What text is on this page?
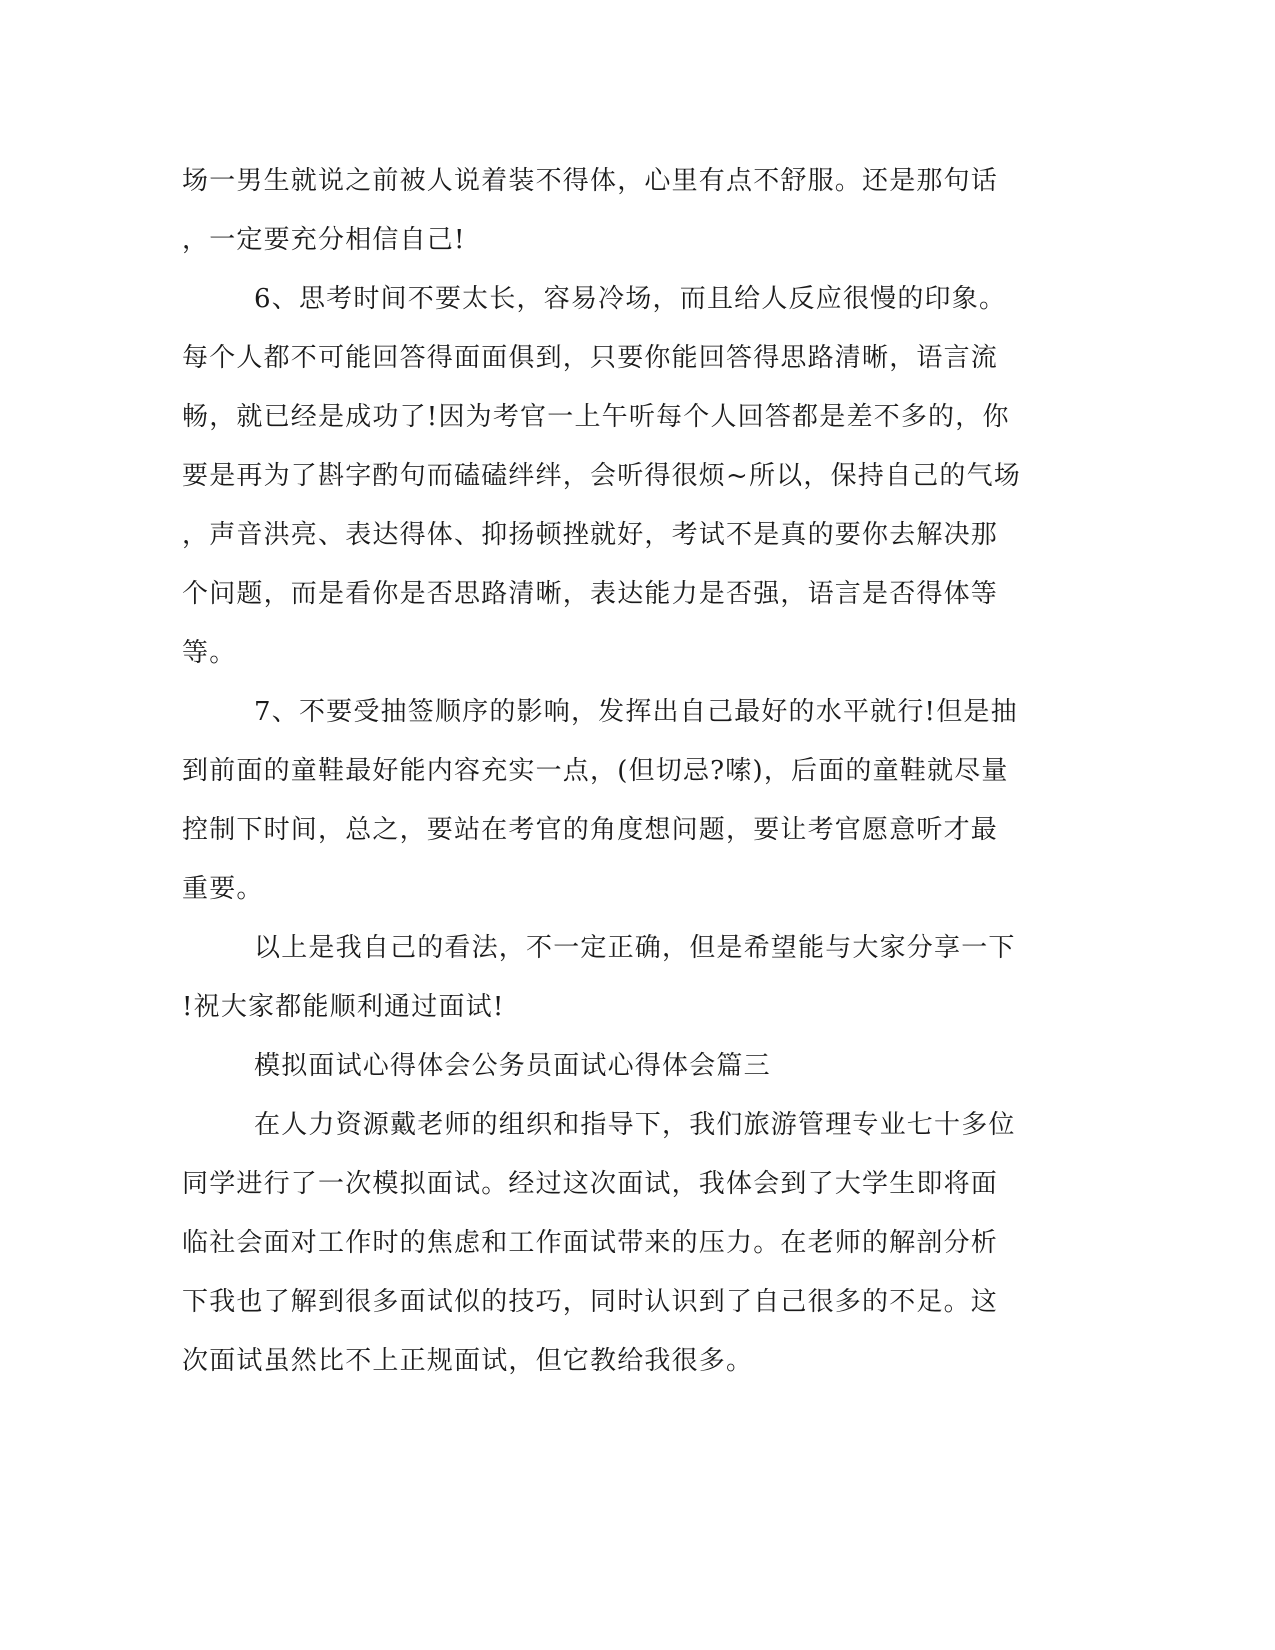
场一男生就说之前被人说着装不得体，心里有点不舒服。还是那句话
，一定要充分相信自己!
6、思考时间不要太长，容易冷场，而且给人反应很慢的印象。
每个人都不可能回答得面面俱到，只要你能回答得思路清晰，语言流
畅，就已经是成功了!因为考官一上午听每个人回答都是差不多的，你
要是再为了斟字酌句而磕磕绊绊，会听得很烦~所以，保持自己的气场
，声音洪亮、表达得体、抑扬顿挫就好，考试不是真的要你去解决那
个问题，而是看你是否思路清晰，表达能力是否强，语言是否得体等
等。
7、不要受抽签顺序的影响，发挥出自己最好的水平就行!但是抽
到前面的童鞋最好能内容充实一点，(但切忌?嗦)，后面的童鞋就尽量
控制下时间，总之，要站在考官的角度想问题，要让考官愿意听才最
重要。
以上是我自己的看法，不一定正确，但是希望能与大家分享一下
!祝大家都能顺利通过面试!
模拟面试心得体会公务员面试心得体会篇三
在人力资源戴老师的组织和指导下，我们旅游管理专业七十多位
同学进行了一次模拟面试。经过这次面试，我体会到了大学生即将面
临社会面对工作时的焦虑和工作面试带来的压力。在老师的解剖分析
下我也了解到很多面试似的技巧，同时认识到了自己很多的不足。这
次面试虽然比不上正规面试，但它教给我很多。
